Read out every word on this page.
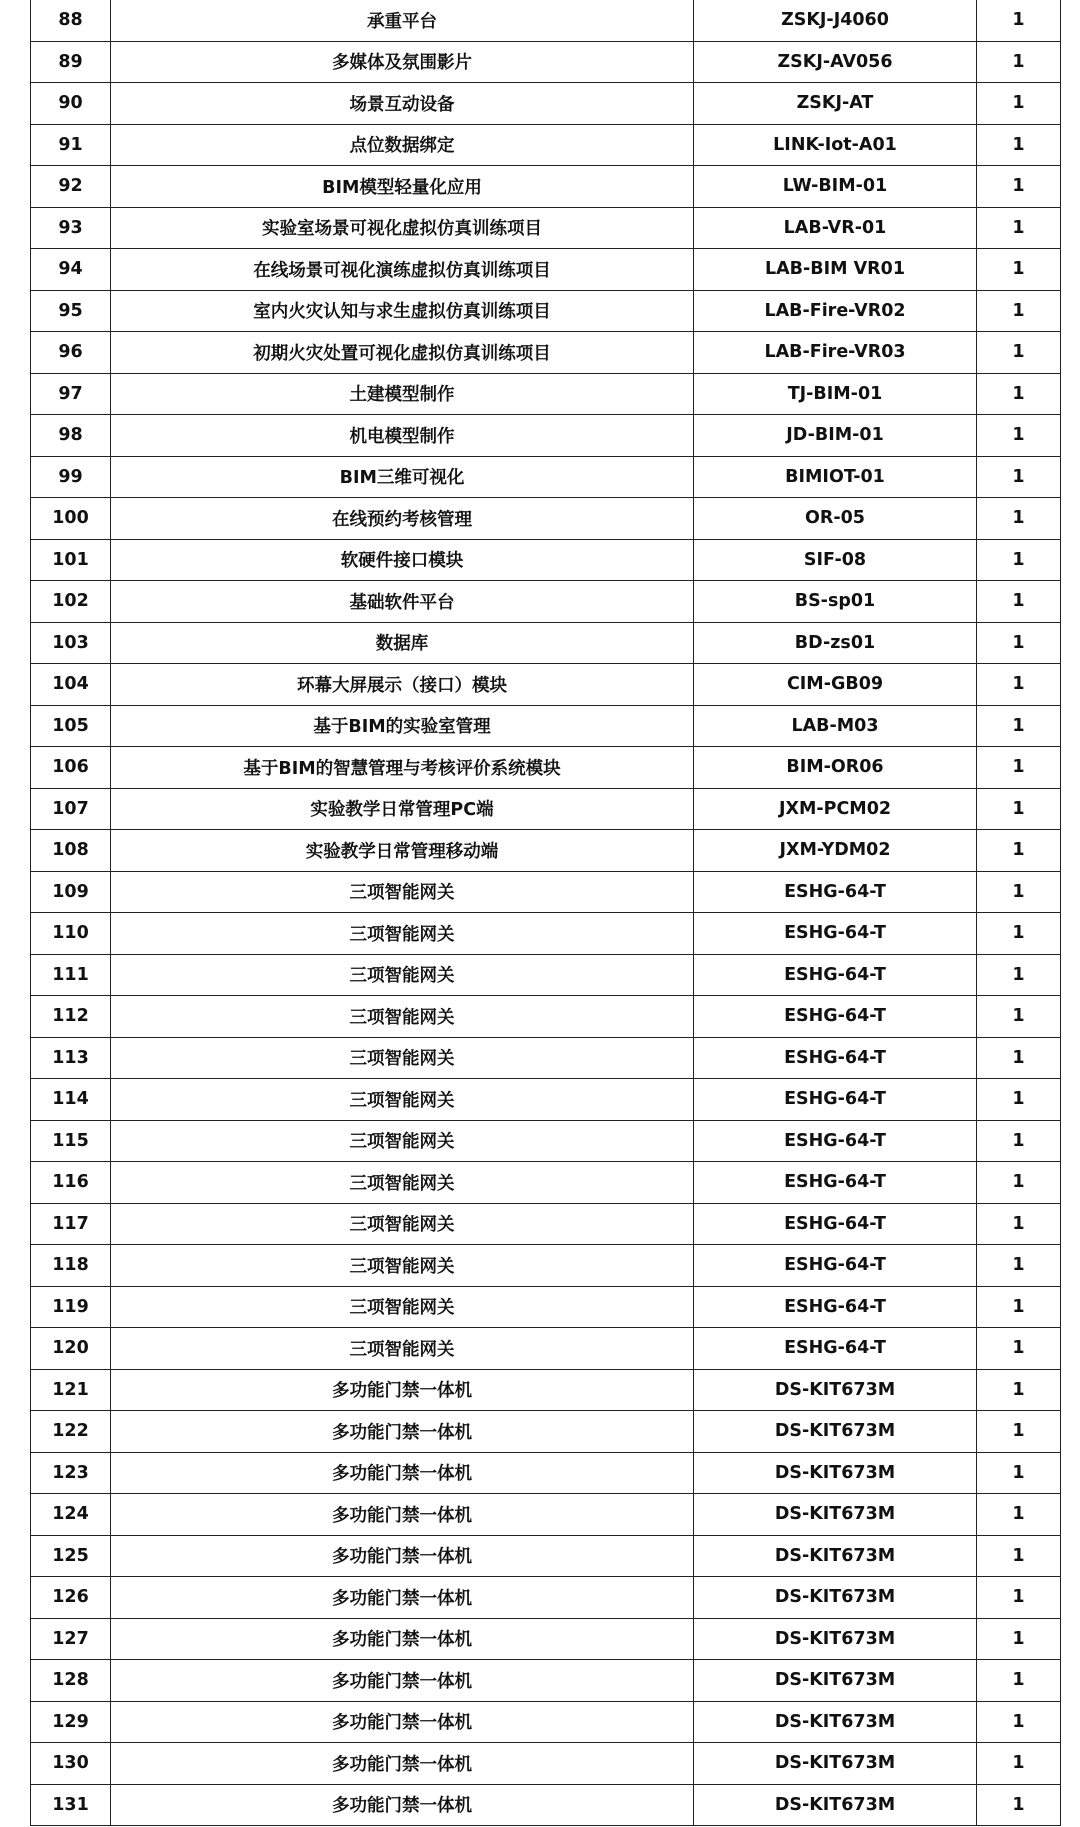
88	承重平台	ZSKJ-J4060	1
89	多媒体及氛围影片	ZSKJ-AV056	1
90	场景互动设备	ZSKJ-AT	1
91	点位数据绑定	LINK-Iot-A01	1
92	BIM模型轻量化应用	LW-BIM-01	1
93	实验室场景可视化虚拟仿真训练项目	LAB-VR-01	1
94	在线场景可视化演练虚拟仿真训练项目	LAB-BIM VR01	1
95	室内火灾认知与求生虚拟仿真训练项目	LAB-Fire-VR02	1
96	初期火灾处置可视化虚拟仿真训练项目	LAB-Fire-VR03	1
97	土建模型制作	TJ-BIM-01	1
98	机电模型制作	JD-BIM-01	1
99	BIM三维可视化	BIMIOT-01	1
100	在线预约考核管理	OR-05	1
101	软硬件接口模块	SIF-08	1
102	基础软件平台	BS-sp01	1
103	数据库	BD-zs01	1
104	环幕大屏展示（接口）模块	CIM-GB09	1
105	基于BIM的实验室管理	LAB-M03	1
106	基于BIM的智慧管理与考核评价系统模块	BIM-OR06	1
107	实验教学日常管理PC端	JXM-PCM02	1
108	实验教学日常管理移动端	JXM-YDM02	1
109	三项智能网关	ESHG-64-T	1
110	三项智能网关	ESHG-64-T	1
111	三项智能网关	ESHG-64-T	1
112	三项智能网关	ESHG-64-T	1
113	三项智能网关	ESHG-64-T	1
114	三项智能网关	ESHG-64-T	1
115	三项智能网关	ESHG-64-T	1
116	三项智能网关	ESHG-64-T	1
117	三项智能网关	ESHG-64-T	1
118	三项智能网关	ESHG-64-T	1
119	三项智能网关	ESHG-64-T	1
120	三项智能网关	ESHG-64-T	1
121	多功能门禁一体机	DS-KIT673M	1
122	多功能门禁一体机	DS-KIT673M	1
123	多功能门禁一体机	DS-KIT673M	1
124	多功能门禁一体机	DS-KIT673M	1
125	多功能门禁一体机	DS-KIT673M	1
126	多功能门禁一体机	DS-KIT673M	1
127	多功能门禁一体机	DS-KIT673M	1
128	多功能门禁一体机	DS-KIT673M	1
129	多功能门禁一体机	DS-KIT673M	1
130	多功能门禁一体机	DS-KIT673M	1
131	多功能门禁一体机	DS-KIT673M	1
